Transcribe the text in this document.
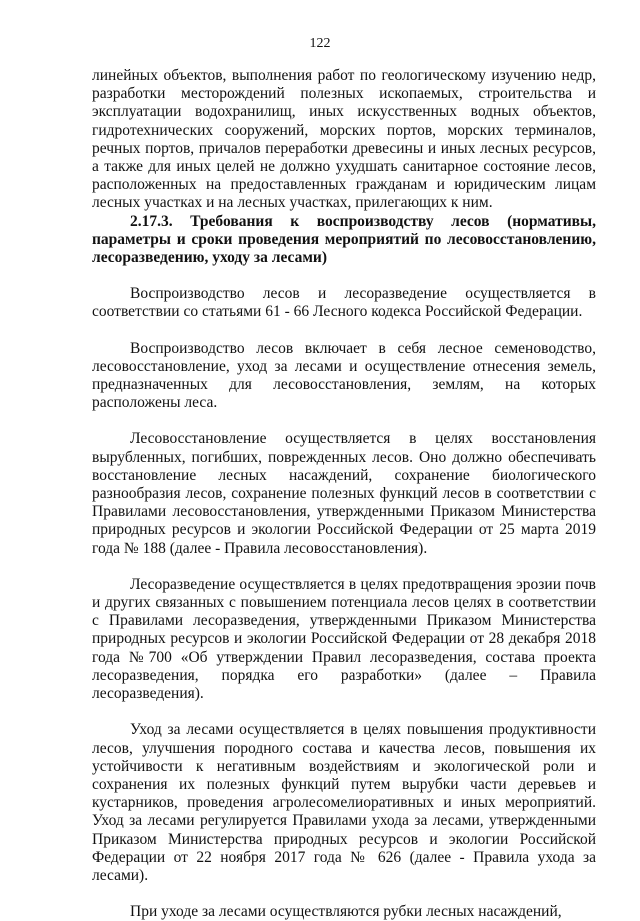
122

линейных объектов, выполнения работ по геологическому изучению недр, разработки месторождений полезных ископаемых, строительства и эксплуатации водохранилищ, иных искусственных водных объектов, гидротехнических сооружений, морских портов, морских терминалов, речных портов, причалов переработки древесины и иных лесных ресурсов, а также для иных целей не должно ухудшать санитарное состояние лесов, расположенных на предоставленных гражданам и юридическим лицам лесных участках и на лесных участках, прилегающих к ним.

2.17.3. Требования к воспроизводству лесов (нормативы, параметры и сроки проведения мероприятий по лесовосстановлению, лесоразведению, уходу за лесами)

Воспроизводство лесов и лесоразведение осуществляется в соответствии со статьями 61 - 66 Лесного кодекса Российской Федерации.

Воспроизводство лесов включает в себя лесное семеноводство, лесовосстановление, уход за лесами и осуществление отнесения земель, предназначенных для лесовосстановления, землям, на которых расположены леса.

Лесовосстановление осуществляется в целях восстановления вырубленных, погибших, поврежденных лесов. Оно должно обеспечивать восстановление лесных насаждений, сохранение биологического разнообразия лесов, сохранение полезных функций лесов в соответствии с Правилами лесовосстановления, утвержденными Приказом Министерства природных ресурсов и экологии Российской Федерации от 25 марта 2019 года № 188 (далее - Правила лесовосстановления).

Лесоразведение осуществляется в целях предотвращения эрозии почв и других связанных с повышением потенциала лесов целях в соответствии с Правилами лесоразведения, утвержденными Приказом Министерства природных ресурсов и экологии Российской Федерации от 28 декабря 2018 года №700 «Об утверждении Правил лесоразведения, состава проекта лесоразведения, порядка его разработки» (далее – Правила лесоразведения).

Уход за лесами осуществляется в целях повышения продуктивности лесов, улучшения породного состава и качества лесов, повышения их устойчивости к негативным воздействиям и экологической роли и сохранения их полезных функций путем вырубки части деревьев и кустарников, проведения агролесомелиоративных и иных мероприятий. Уход за лесами регулируется Правилами ухода за лесами, утвержденными Приказом Министерства природных ресурсов и экологии Российской Федерации от 22 ноября 2017 года № 626 (далее - Правила ухода за лесами).

При уходе за лесами осуществляются рубки лесных насаждений,
